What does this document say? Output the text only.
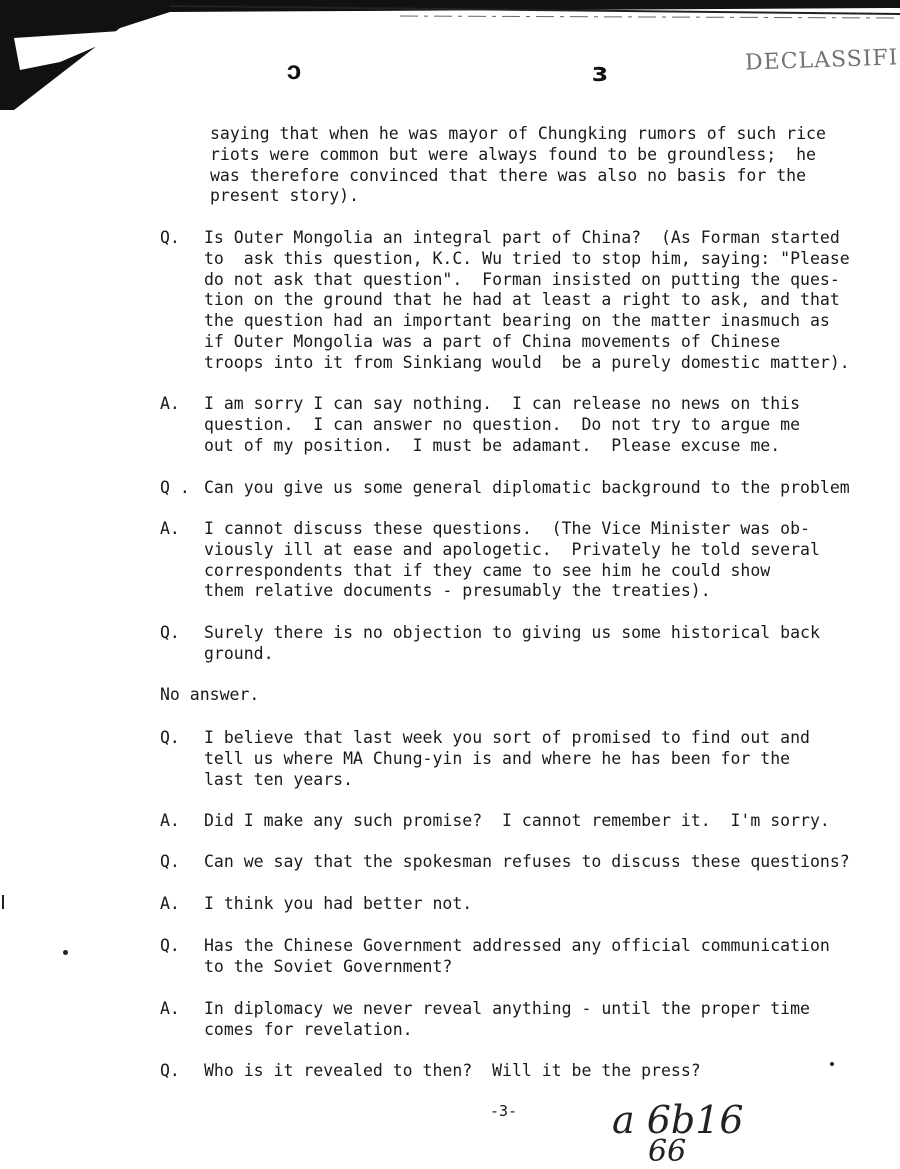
ↄ	ɜ	DECLASSIFI
saying that when he was mayor of Chungking rumors of such rice
riots were common but were always found to be groundless;  he
was therefore convinced that there was also no basis for the
present story).
Q. Is Outer Mongolia an integral part of China?  (As Forman started
to  ask this question, K.C. Wu tried to stop him, saying: "Please
do not ask that question".  Forman insisted on putting the ques-
tion on the ground that he had at least a right to ask, and that
the question had an important bearing on the matter inasmuch as
if Outer Mongolia was a part of China movements of Chinese
troops into it from Sinkiang would  be a purely domestic matter).
A. I am sorry I can say nothing.  I can release no news on this
question.  I can answer no question.  Do not try to argue me
out of my position.  I must be adamant.  Please excuse me.
Q . Can you give us some general diplomatic background to the problem
A. I cannot discuss these questions.  (The Vice Minister was ob-
viously ill at ease and apologetic.  Privately he told several
correspondents that if they came to see him he could show
them relative documents - presumably the treaties).
Q. Surely there is no objection to giving us some historical back
ground.
No answer.
Q. I believe that last week you sort of promised to find out and
tell us where MA Chung-yin is and where he has been for the
last ten years.
A. Did I make any such promise?  I cannot remember it.  I'm sorry.
Q. Can we say that the spokesman refuses to discuss these questions?
A. I think you had better not.
Q. Has the Chinese Government addressed any official communication
to the Soviet Government?
A. In diplomacy we never reveal anything - until the proper time
comes for revelation.
Q. Who is it revealed to then?  Will it be the press?
-3- a 6b16
66
